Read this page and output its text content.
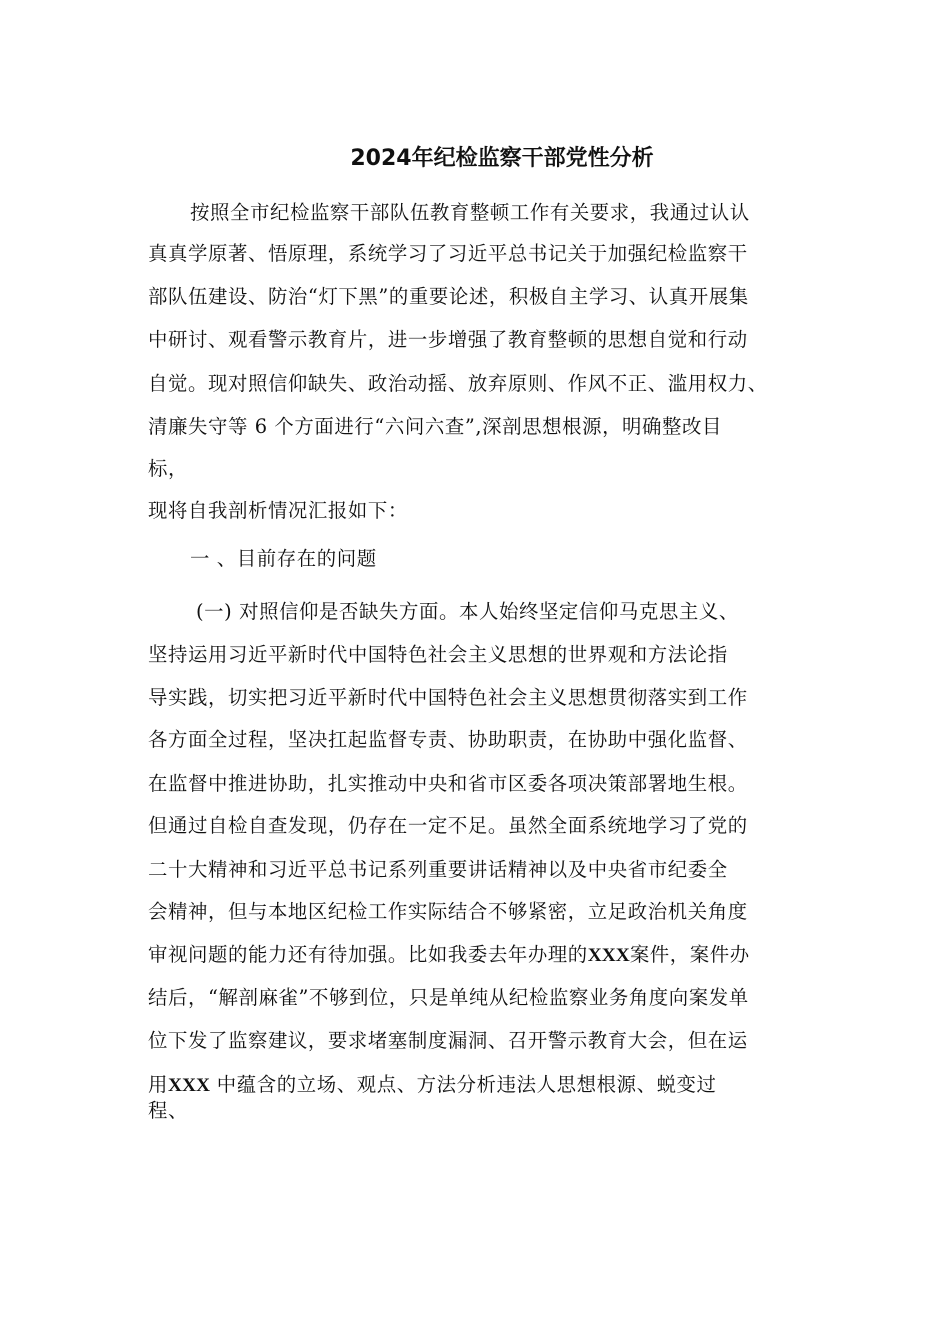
2024年纪检监察干部党性分析
按照全市纪检监察干部队伍教育整顿工作有关要求，我通过认认
真真学原著、悟原理，系统学习了习近平总书记关于加强纪检监察干
部队伍建设、防治“灯下黑”的重要论述，积极自主学习、认真开展集
中研讨、观看警示教育片，进一步增强了教育整顿的思想自觉和行动
自觉。现对照信仰缺失、政治动摇、放弃原则、作风不正、滥用权力、
清廉失守等 6 个方面进行“六问六查”,深剖思想根源，明确整改目
标，
现将自我剖析情况汇报如下：
一 、目前存在的问题
(一) 对照信仰是否缺失方面。本人始终坚定信仰马克思主义、
坚持运用习近平新时代中国特色社会主义思想的世界观和方法论指
导实践，切实把习近平新时代中国特色社会主义思想贯彻落实到工作
各方面全过程，坚决扛起监督专责、协助职责，在协助中强化监督、
在监督中推进协助，扎实推动中央和省市区委各项决策部署地生根。
但通过自检自查发现，仍存在一定不足。虽然全面系统地学习了党的
二十大精神和习近平总书记系列重要讲话精神以及中央省市纪委全
会精神，但与本地区纪检工作实际结合不够紧密，立足政治机关角度
审视问题的能力还有待加强。比如我委去年办理的XXX案件，案件办
结后，“解剖麻雀”不够到位，只是单纯从纪检监察业务角度向案发单
位下发了监察建议，要求堵塞制度漏洞、召开警示教育大会，但在运
用XXX 中蕴含的立场、观点、方法分析违法人思想根源、蜕变过
程、
